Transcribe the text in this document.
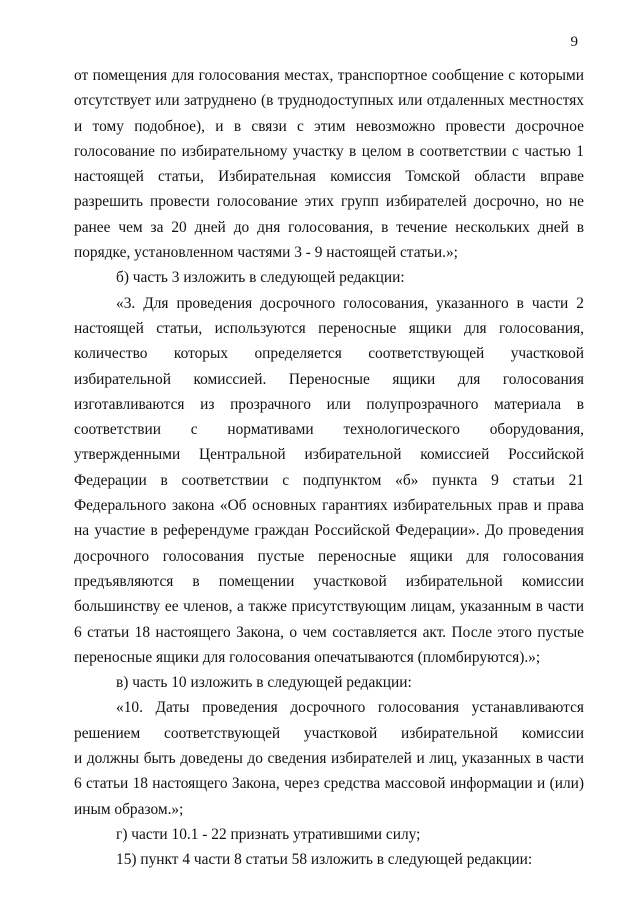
9

от помещения для голосования местах, транспортное сообщение с которыми отсутствует или затруднено (в труднодоступных или отдаленных местностях и тому подобное), и в связи с этим невозможно провести досрочное голосование по избирательному участку в целом в соответствии с частью 1 настоящей статьи, Избирательная комиссия Томской области вправе разрешить провести голосование этих групп избирателей досрочно, но не ранее чем за 20 дней до дня голосования, в течение нескольких дней в порядке, установленном частями 3 - 9 настоящей статьи.»;

б) часть 3 изложить в следующей редакции:

«3. Для проведения досрочного голосования, указанного в части 2 настоящей статьи, используются переносные ящики для голосования, количество которых определяется соответствующей участковой избирательной комиссией. Переносные ящики для голосования изготавливаются из прозрачного или полупрозрачного материала в соответствии с нормативами технологического оборудования, утвержденными Центральной избирательной комиссией Российской Федерации в соответствии с подпунктом «б» пункта 9 статьи 21 Федерального закона «Об основных гарантиях избирательных прав и права на участие в референдуме граждан Российской Федерации». До проведения досрочного голосования пустые переносные ящики для голосования предъявляются в помещении участковой избирательной комиссии большинству ее членов, а также присутствующим лицам, указанным в части 6 статьи 18 настоящего Закона, о чем составляется акт. После этого пустые переносные ящики для голосования опечатываются (пломбируются).»;

в) часть 10 изложить в следующей редакции:

«10. Даты проведения досрочного голосования устанавливаются решением соответствующей участковой избирательной комиссии

и должны быть доведены до сведения избирателей и лиц, указанных в части 6 статьи 18 настоящего Закона, через средства массовой информации и (или) иным образом.»;

г) части 10.1 - 22 признать утратившими силу;

15) пункт 4 части 8 статьи 58 изложить в следующей редакции:
